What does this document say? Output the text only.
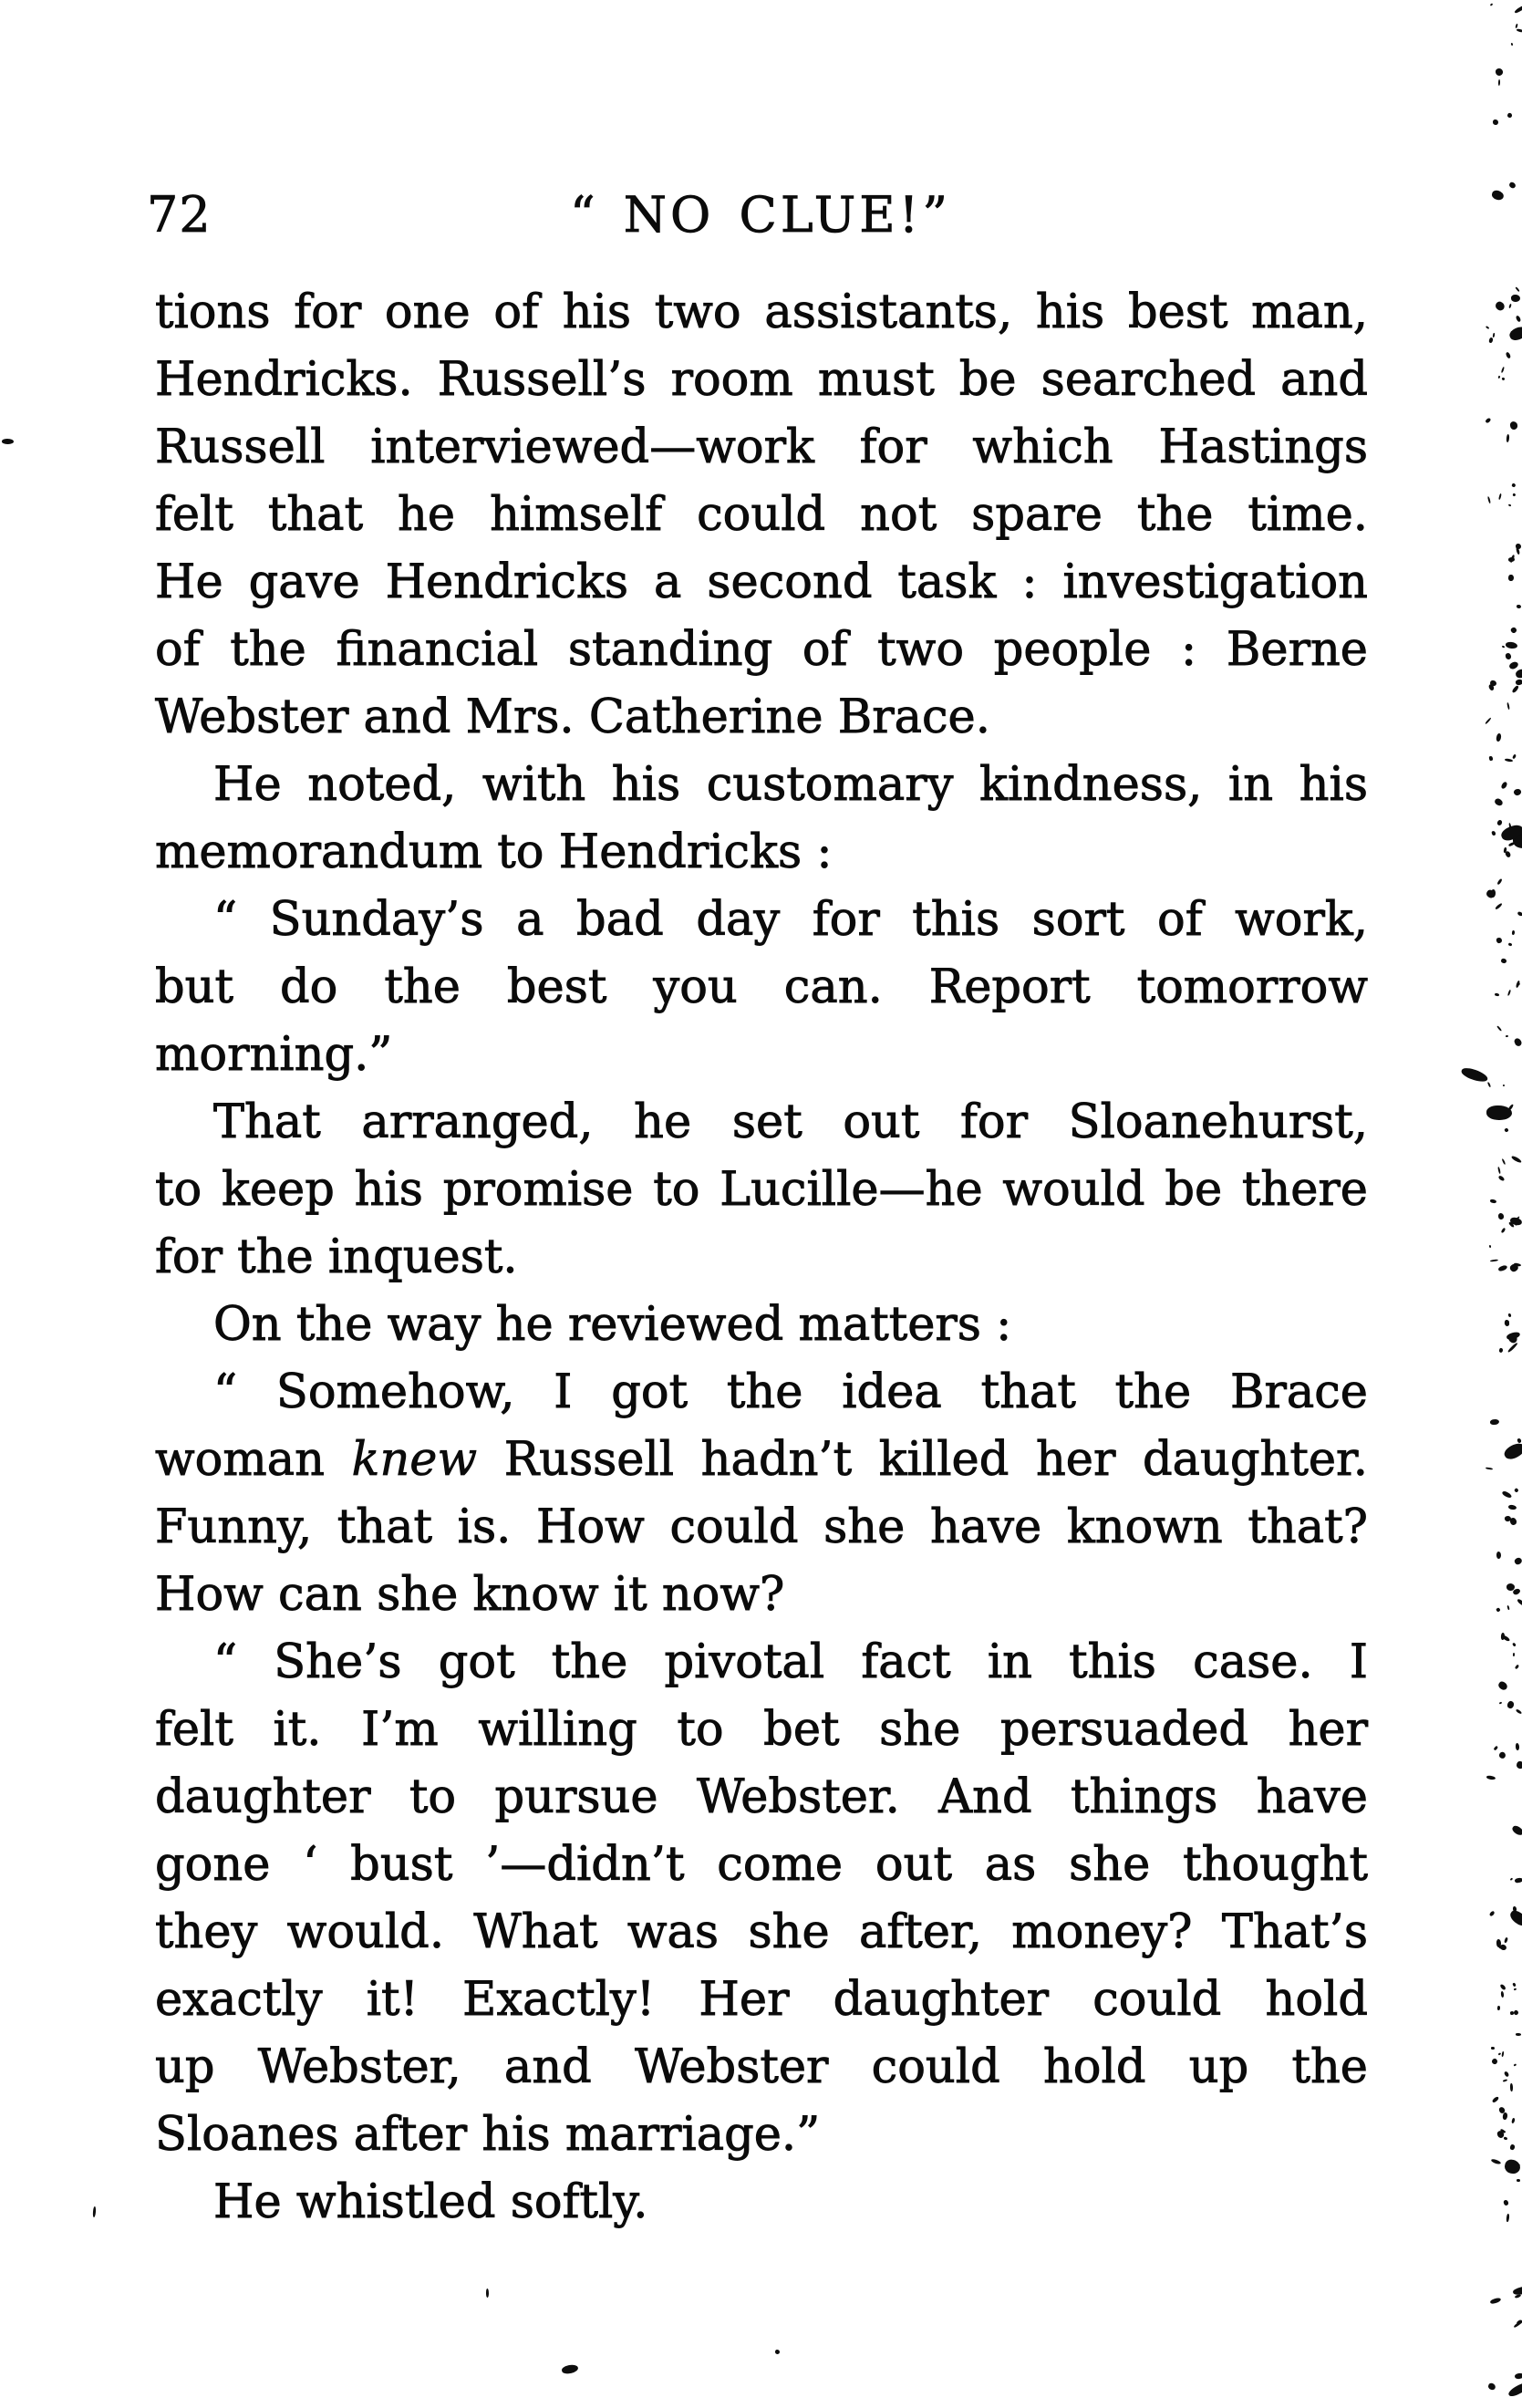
72	“ NO CLUE!”
tions for one of his two assistants, his best man,
Hendricks. Russell’s room must be searched and
Russell interviewed—work for which Hastings
felt that he himself could not spare the time.
He gave Hendricks a second task : investigation
of the financial standing of two people : Berne
Webster and Mrs. Catherine Brace.
He noted, with his customary kindness, in his
memorandum to Hendricks :
“ Sunday’s a bad day for this sort of work,
but do the best you can. Report tomorrow
morning.”
That arranged, he set out for Sloanehurst,
to keep his promise to Lucille—he would be there
for the inquest.
On the way he reviewed matters :
“ Somehow, I got the idea that the Brace
woman knew Russell hadn’t killed her daughter.
Funny, that is. How could she have known that?
How can she know it now?
“ She’s got the pivotal fact in this case. I
felt it. I’m willing to bet she persuaded her
daughter to pursue Webster. And things have
gone ‘ bust ’—didn’t come out as she thought
they would. What was she after, money? That’s
exactly it! Exactly! Her daughter could hold
up Webster, and Webster could hold up the
Sloanes after his marriage.”
He whistled softly.
